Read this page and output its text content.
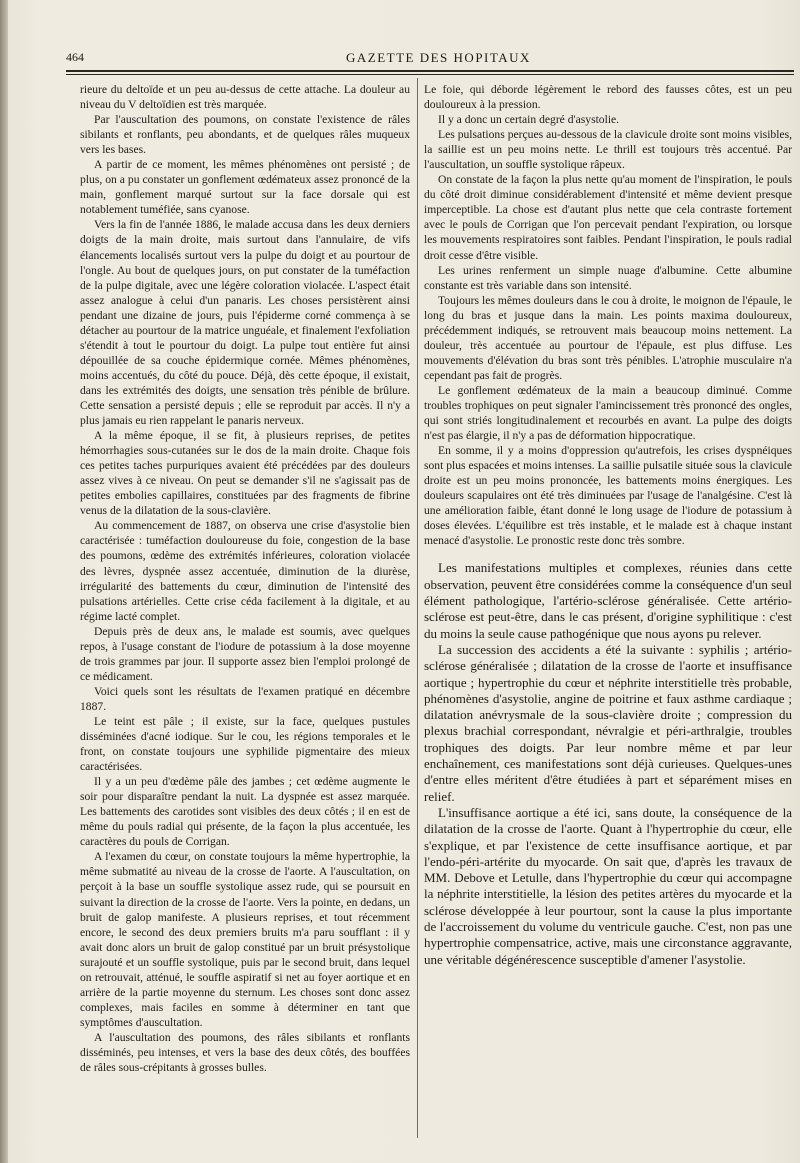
464	GAZETTE DES HOPITAUX

rieure du deltoïde et un peu au-dessus de cette attache. La douleur au niveau du V deltoïdien est très marquée.

Par l'auscultation des poumons, on constate l'existence de râles sibilants et ronflants, peu abondants, et de quelques râles muqueux vers les bases.

A partir de ce moment, les mêmes phénomènes ont persisté ; de plus, on a pu constater un gonflement œdémateux assez prononcé de la main, gonflement marqué surtout sur la face dorsale qui est notablement tuméfiée, sans cyanose.

Vers la fin de l'année 1886, le malade accusa dans les deux derniers doigts de la main droite, mais surtout dans l'annulaire, de vifs élancements localisés surtout vers la pulpe du doigt et au pourtour de l'ongle. Au bout de quelques jours, on put constater de la tuméfaction de la pulpe digitale, avec une légère coloration violacée. L'aspect était assez analogue à celui d'un panaris. Les choses persistèrent ainsi pendant une dizaine de jours, puis l'épiderme corné commença à se détacher au pourtour de la matrice unguéale, et finalement l'exfoliation s'étendit à tout le pourtour du doigt. La pulpe tout entière fut ainsi dépouillée de sa couche épidermique cornée. Mêmes phénomènes, moins accentués, du côté du pouce. Déjà, dès cette époque, il existait, dans les extrémités des doigts, une sensation très pénible de brûlure. Cette sensation a persisté depuis ; elle se reproduit par accès. Il n'y a plus jamais eu rien rappelant le panaris nerveux.

A la même époque, il se fit, à plusieurs reprises, de petites hémorrhagies sous-cutanées sur le dos de la main droite. Chaque fois ces petites taches purpuriques avaient été précédées par des douleurs assez vives à ce niveau. On peut se demander s'il ne s'agissait pas de petites embolies capillaires, constituées par des fragments de fibrine venus de la dilatation de la sous-clavière.

Au commencement de 1887, on observa une crise d'asystolie bien caractérisée : tuméfaction douloureuse du foie, congestion de la base des poumons, œdème des extrémités inférieures, coloration violacée des lèvres, dyspnée assez accentuée, diminution de la diurèse, irrégularité des battements du cœur, diminution de l'intensité des pulsations artérielles. Cette crise céda facilement à la digitale, et au régime lacté complet.

Depuis près de deux ans, le malade est soumis, avec quelques repos, à l'usage constant de l'iodure de potassium à la dose moyenne de trois grammes par jour. Il supporte assez bien l'emploi prolongé de ce médicament.

Voici quels sont les résultats de l'examen pratiqué en décembre 1887.

Le teint est pâle ; il existe, sur la face, quelques pustules disséminées d'acné iodique. Sur le cou, les régions temporales et le front, on constate toujours une syphilide pigmentaire des mieux caractérisées.

Il y a un peu d'œdème pâle des jambes ; cet œdème augmente le soir pour disparaître pendant la nuit. La dyspnée est assez marquée. Les battements des carotides sont visibles des deux côtés ; il en est de même du pouls radial qui présente, de la façon la plus accentuée, les caractères du pouls de Corrigan.

A l'examen du cœur, on constate toujours la même hypertrophie, la même submatité au niveau de la crosse de l'aorte. A l'auscultation, on perçoit à la base un souffle systolique assez rude, qui se poursuit en suivant la direction de la crosse de l'aorte. Vers la pointe, en dedans, un bruit de galop manifeste. A plusieurs reprises, et tout récemment encore, le second des deux premiers bruits m'a paru soufflant : il y avait donc alors un bruit de galop constitué par un bruit présystolique surajouté et un souffle systolique, puis par le second bruit, dans lequel on retrouvait, atténué, le souffle aspiratif si net au foyer aortique et en arrière de la partie moyenne du sternum. Les choses sont donc assez complexes, mais faciles en somme à déterminer en tant que symptômes d'auscultation.

A l'auscultation des poumons, des râles sibilants et ronflants disséminés, peu intenses, et vers la base des deux côtés, des bouffées de râles sous-crépitants à grosses bulles.

Le foie, qui déborde légèrement le rebord des fausses côtes, est un peu douloureux à la pression.

Il y a donc un certain degré d'asystolie.

Les pulsations perçues au-dessous de la clavicule droite sont moins visibles, la saillie est un peu moins nette. Le thrill est toujours très accentué. Par l'auscultation, un souffle systolique râpeux.

On constate de la façon la plus nette qu'au moment de l'inspiration, le pouls du côté droit diminue considérablement d'intensité et même devient presque imperceptible. La chose est d'autant plus nette que cela contraste fortement avec le pouls de Corrigan que l'on percevait pendant l'expiration, ou lorsque les mouvements respiratoires sont faibles. Pendant l'inspiration, le pouls radial droit cesse d'être visible.

Les urines renferment un simple nuage d'albumine. Cette albumine constante est très variable dans son intensité.

Toujours les mêmes douleurs dans le cou à droite, le moignon de l'épaule, le long du bras et jusque dans la main. Les points maxima douloureux, précédemment indiqués, se retrouvent mais beaucoup moins nettement. La douleur, très accentuée au pourtour de l'épaule, est plus diffuse. Les mouvements d'élévation du bras sont très pénibles. L'atrophie musculaire n'a cependant pas fait de progrès.

Le gonflement œdémateux de la main a beaucoup diminué. Comme troubles trophiques on peut signaler l'amincissement très prononcé des ongles, qui sont striés longitudinalement et recourbés en avant. La pulpe des doigts n'est pas élargie, il n'y a pas de déformation hippocratique.

En somme, il y a moins d'oppression qu'autrefois, les crises dyspnéiques sont plus espacées et moins intenses. La saillie pulsatile située sous la clavicule droite est un peu moins prononcée, les battements moins énergiques. Les douleurs scapulaires ont été très diminuées par l'usage de l'analgésine. C'est là une amélioration faible, étant donné le long usage de l'iodure de potassium à doses élevées. L'équilibre est très instable, et le malade est à chaque instant menacé d'asystolie. Le pronostic reste donc très sombre.

Les manifestations multiples et complexes, réunies dans cette observation, peuvent être considérées comme la conséquence d'un seul élément pathologique, l'artério-sclérose généralisée. Cette artério-sclérose est peut-être, dans le cas présent, d'origine syphilitique : c'est du moins la seule cause pathogénique que nous ayons pu relever.

La succession des accidents a été la suivante : syphilis ; artério-sclérose généralisée ; dilatation de la crosse de l'aorte et insuffisance aortique ; hypertrophie du cœur et néphrite interstitielle très probable, phénomènes d'asystolie, angine de poitrine et faux asthme cardiaque ; dilatation anévrysmale de la sous-clavière droite ; compression du plexus brachial correspondant, névralgie et péri-arthralgie, troubles trophiques des doigts. Par leur nombre même et par leur enchaînement, ces manifestations sont déjà curieuses. Quelques-unes d'entre elles méritent d'être étudiées à part et séparément mises en relief.

L'insuffisance aortique a été ici, sans doute, la conséquence de la dilatation de la crosse de l'aorte. Quant à l'hypertrophie du cœur, elle s'explique, et par l'existence de cette insuffisance aortique, et par l'endo-péri-artérite du myocarde. On sait que, d'après les travaux de MM. Debove et Letulle, dans l'hypertrophie du cœur qui accompagne la néphrite interstitielle, la lésion des petites artères du myocarde et la sclérose développée à leur pourtour, sont la cause la plus importante de l'accroissement du volume du ventricule gauche. C'est, non pas une hypertrophie compensatrice, active, mais une circonstance aggravante, une véritable dégénérescence susceptible d'amener l'asystolie.
